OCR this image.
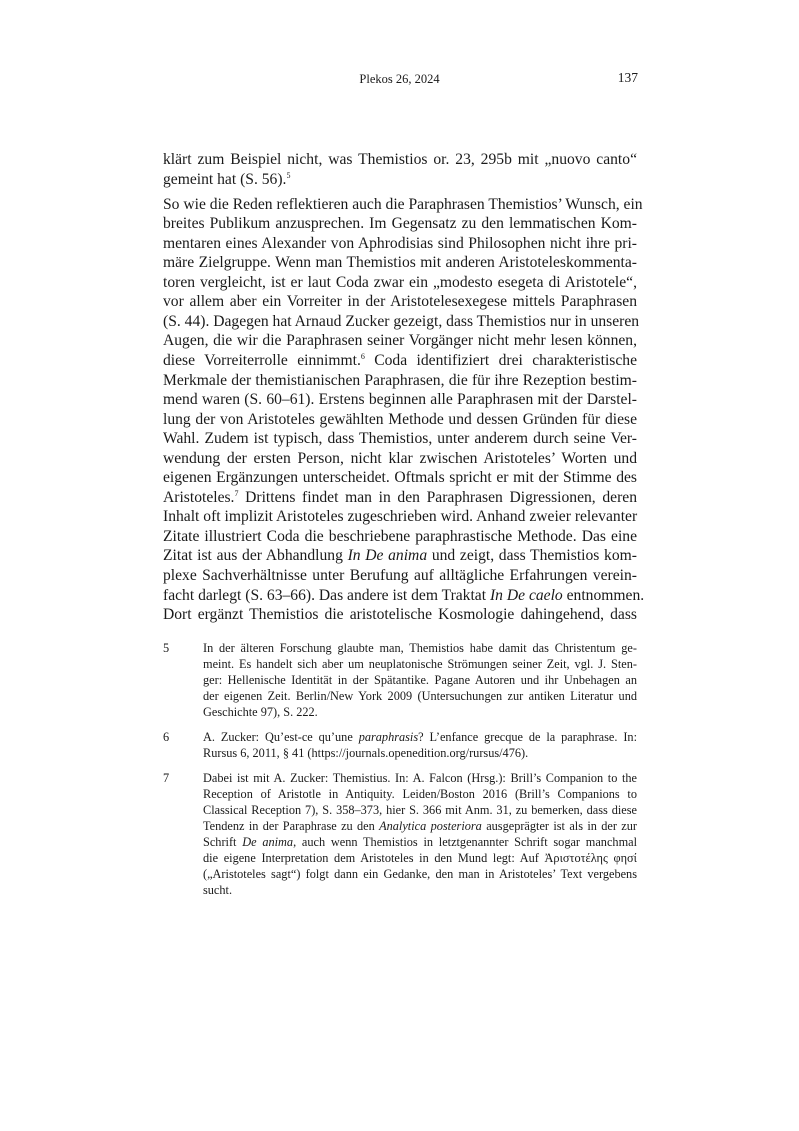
Plekos 26, 2024	137
klärt zum Beispiel nicht, was Themistios or. 23, 295b mit „nuovo canto“
gemeint hat (S. 56).$^5$
So wie die Reden reflektieren auch die Paraphrasen Themistios’ Wunsch, ein
breites Publikum anzusprechen. Im Gegensatz zu den lemmatischen Kom-
mentaren eines Alexander von Aphrodisias sind Philosophen nicht ihre pri-
märe Zielgruppe. Wenn man Themistios mit anderen Aristoteleskommenta-
toren vergleicht, ist er laut Coda zwar ein „modesto esegeta di Aristotele“,
vor allem aber ein Vorreiter in der Aristotelesexegese mittels Paraphrasen
(S. 44). Dagegen hat Arnaud Zucker gezeigt, dass Themistios nur in unseren
Augen, die wir die Paraphrasen seiner Vorgänger nicht mehr lesen können,
diese Vorreiterrolle einnimmt.$^6$ Coda identifiziert drei charakteristische
Merkmale der themistianischen Paraphrasen, die für ihre Rezeption bestim-
mend waren (S. 60–61). Erstens beginnen alle Paraphrasen mit der Darstel-
lung der von Aristoteles gewählten Methode und dessen Gründen für diese
Wahl. Zudem ist typisch, dass Themistios, unter anderem durch seine Ver-
wendung der ersten Person, nicht klar zwischen Aristoteles’ Worten und
eigenen Ergänzungen unterscheidet. Oftmals spricht er mit der Stimme des
Aristoteles.$^7$ Drittens findet man in den Paraphrasen Digressionen, deren
Inhalt oft implizit Aristoteles zugeschrieben wird. Anhand zweier relevanter
Zitate illustriert Coda die beschriebene paraphrastische Methode. Das eine
Zitat ist aus der Abhandlung In De anima und zeigt, dass Themistios kom-
plexe Sachverhältnisse unter Berufung auf alltägliche Erfahrungen verein-
facht darlegt (S. 63–66). Das andere ist dem Traktat In De caelo entnommen.
Dort ergänzt Themistios die aristotelische Kosmologie dahingehend, dass
5	In der älteren Forschung glaubte man, Themistios habe damit das Christentum ge-
meint. Es handelt sich aber um neuplatonische Strömungen seiner Zeit, vgl. J. Sten-
ger: Hellenische Identität in der Spätantike. Pagane Autoren und ihr Unbehagen an
der eigenen Zeit. Berlin/New York 2009 (Untersuchungen zur antiken Literatur und
Geschichte 97), S. 222.
6	A. Zucker: Qu’est-ce qu’une paraphrasis? L’enfance grecque de la paraphrase. In:
Rursus 6, 2011, § 41 (https://journals.openedition.org/rursus/476).
7	Dabei ist mit A. Zucker: Themistius. In: A. Falcon (Hrsg.): Brill’s Companion to the
Reception of Aristotle in Antiquity. Leiden/Boston 2016 (Brill’s Companions to
Classical Reception 7), S. 358–373, hier S. 366 mit Anm. 31, zu bemerken, dass diese
Tendenz in der Paraphrase zu den Analytica posteriora ausgeprägter ist als in der zur
Schrift De anima, auch wenn Themistios in letztgenannter Schrift sogar manchmal
die eigene Interpretation dem Aristoteles in den Mund legt: Auf Ἀριστοτέλης φησί
(„Aristoteles sagt“) folgt dann ein Gedanke, den man in Aristoteles’ Text vergebens
sucht.
